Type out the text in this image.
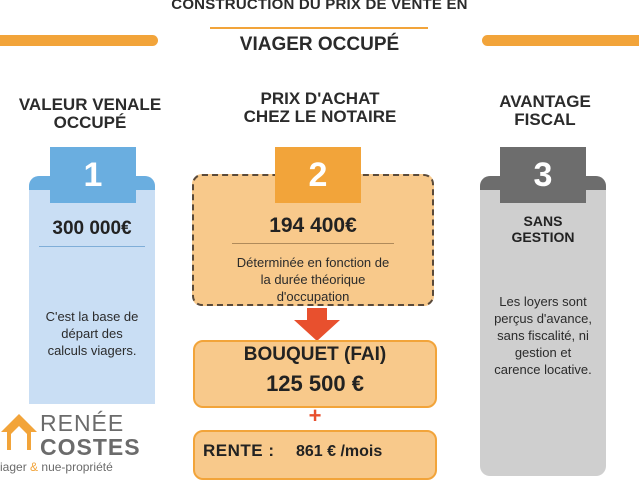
CONSTRUCTION DU PRIX DE VENTE EN
VIAGER OCCUPÉ
VALEUR VENALE
OCCUPÉ
1
300 000€
C'est la base de
départ des
calculs viagers.
RENÉE
COSTES
iager & nue-propriété
PRIX D'ACHAT
CHEZ LE NOTAIRE
2
194 400€
Déterminée en fonction de
la durée théorique
d'occupation
BOUQUET (FAI)
125 500 €
+
RENTE : 861 € /mois
AVANTAGE
FISCAL
3
SANS
GESTION
Les loyers sont
perçus d'avance,
sans fiscalité, ni
gestion et
carence locative.
